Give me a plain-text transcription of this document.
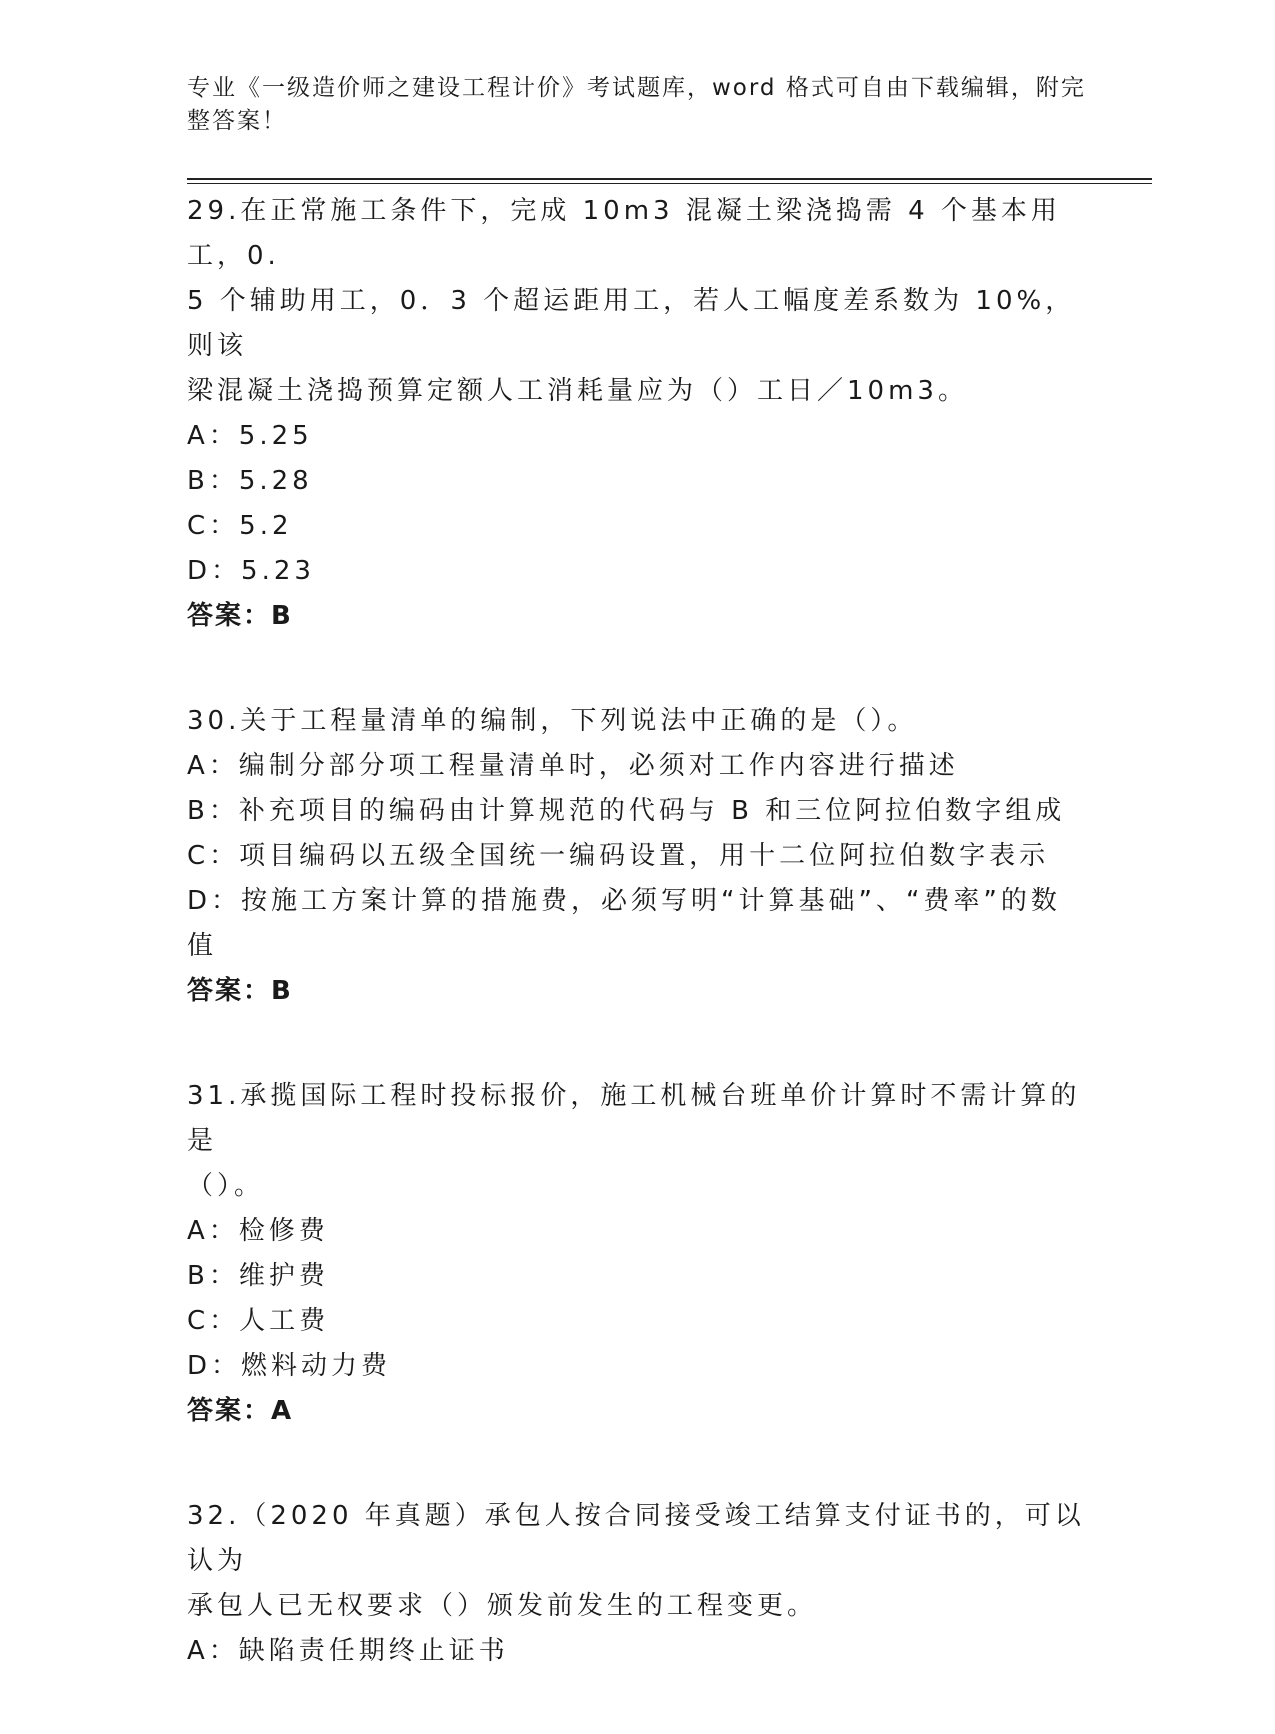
专业《一级造价师之建设工程计价》考试题库，word 格式可自由下载编辑，附完
整答案！

29.在正常施工条件下，完成 10m3 混凝土梁浇捣需 4 个基本用工，0.

5 个辅助用工，0．3 个超运距用工，若人工幅度差系数为 10%，则该

梁混凝土浇捣预算定额人工消耗量应为（）工日／10m3。

A：5.25

B：5.28

C：5.2

D：5.23

答案：B

30.关于工程量清单的编制，下列说法中正确的是（）。

A：编制分部分项工程量清单时，必须对工作内容进行描述

B：补充项目的编码由计算规范的代码与 B 和三位阿拉伯数字组成

C：项目编码以五级全国统一编码设置，用十二位阿拉伯数字表示

D：按施工方案计算的措施费，必须写明“计算基础”、“费率”的数

值

答案：B

31.承揽国际工程时投标报价，施工机械台班单价计算时不需计算的是

（）。

A：检修费

B：维护费

C：人工费

D：燃料动力费

答案：A

32.（2020 年真题）承包人按合同接受竣工结算支付证书的，可以认为

承包人已无权要求（）颁发前发生的工程变更。

A：缺陷责任期终止证书
